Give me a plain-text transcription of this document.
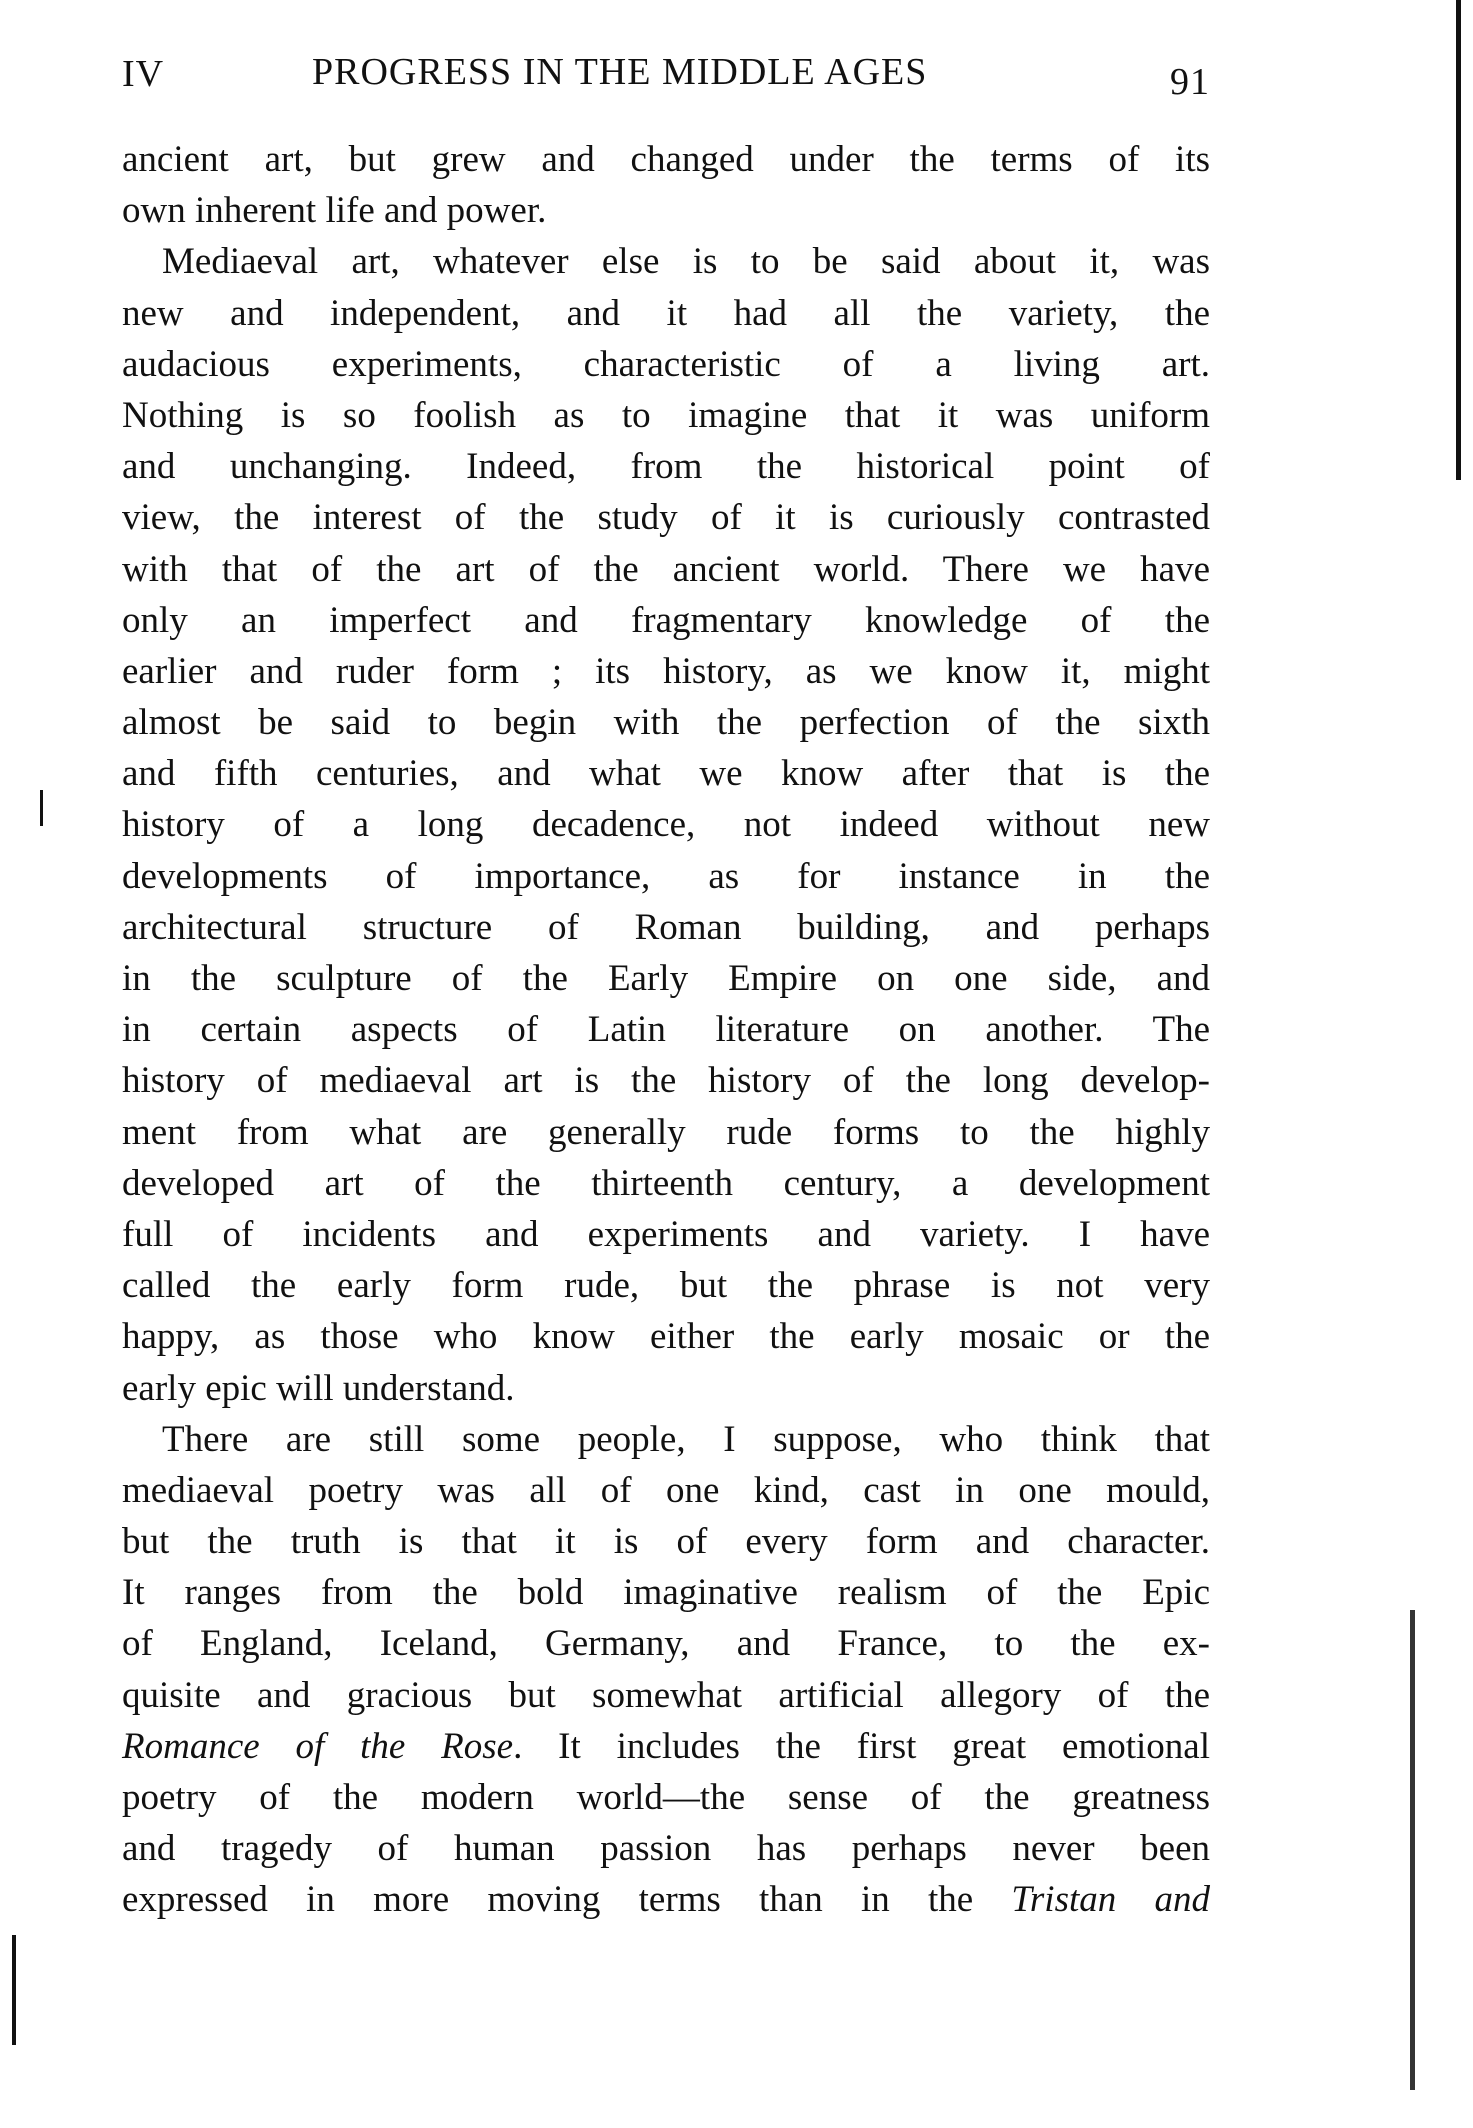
IV	PROGRESS IN THE MIDDLE AGES	91
ancient art, but grew and changed under the terms of its
own inherent life and power.
Mediaeval art, whatever else is to be said about it, was
new and independent, and it had all the variety, the
audacious experiments, characteristic of a living art.
Nothing is so foolish as to imagine that it was uniform
and unchanging. Indeed, from the historical point of
view, the interest of the study of it is curiously contrasted
with that of the art of the ancient world. There we have
only an imperfect and fragmentary knowledge of the
earlier and ruder form ; its history, as we know it, might
almost be said to begin with the perfection of the sixth
and fifth centuries, and what we know after that is the
history of a long decadence, not indeed without new
developments of importance, as for instance in the
architectural structure of Roman building, and perhaps
in the sculpture of the Early Empire on one side, and
in certain aspects of Latin literature on another. The
history of mediaeval art is the history of the long develop-
ment from what are generally rude forms to the highly
developed art of the thirteenth century, a development
full of incidents and experiments and variety. I have
called the early form rude, but the phrase is not very
happy, as those who know either the early mosaic or the
early epic will understand.
There are still some people, I suppose, who think that
mediaeval poetry was all of one kind, cast in one mould,
but the truth is that it is of every form and character.
It ranges from the bold imaginative realism of the Epic
of England, Iceland, Germany, and France, to the ex-
quisite and gracious but somewhat artificial allegory of the
Romance of the Rose. It includes the first great emotional
poetry of the modern world—the sense of the greatness
and tragedy of human passion has perhaps never been
expressed in more moving terms than in the Tristan and
